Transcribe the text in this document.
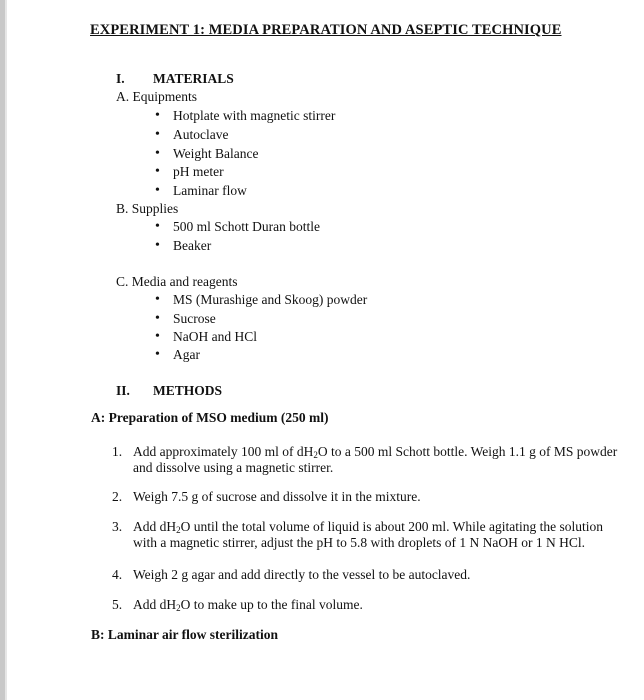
EXPERIMENT 1: MEDIA PREPARATION AND ASEPTIC TECHNIQUE
I. MATERIALS
A. Equipments
• Hotplate with magnetic stirrer
• Autoclave
• Weight Balance
• pH meter
• Laminar flow
B. Supplies
• 500 ml Schott Duran bottle
• Beaker
C. Media and reagents
• MS (Murashige and Skoog) powder
• Sucrose
• NaOH and HCl
• Agar
II. METHODS
A: Preparation of MSO medium (250 ml)
1. Add approximately 100 ml of $dH_2O$ to a 500 ml Schott bottle. Weigh 1.1 g of MS powder
and dissolve using a magnetic stirrer.
2. Weigh 7.5 g of sucrose and dissolve it in the mixture.
3. Add $dH_2O$ until the total volume of liquid is about 200 ml. While agitating the solution
with a magnetic stirrer, adjust the pH to 5.8 with droplets of 1 N NaOH or 1 N HCl.
4. Weigh 2 g agar and add directly to the vessel to be autoclaved.
5. Add $dH_2O$ to make up to the final volume.
B: Laminar air flow sterilization
